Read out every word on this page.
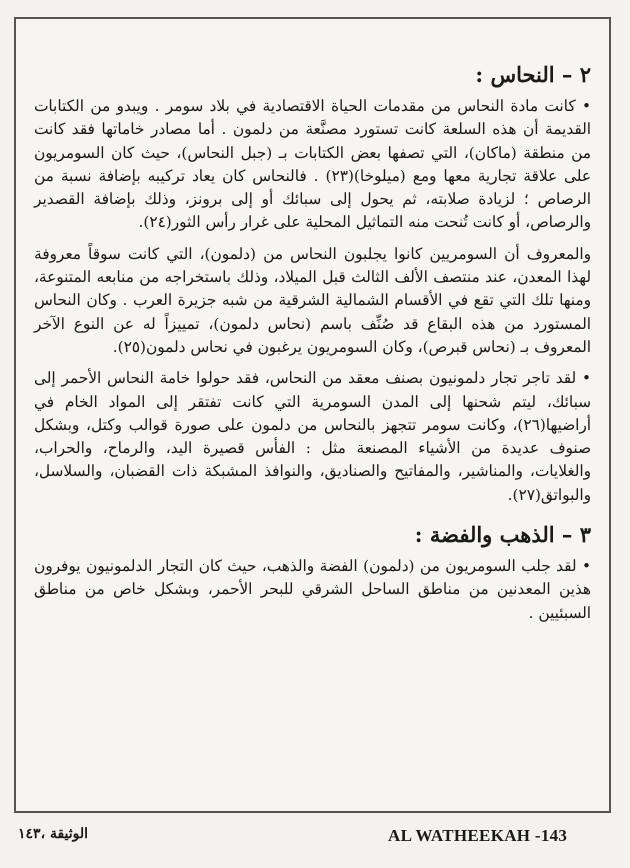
٢ – النحاس :

• كانت مادة النحاس من مقدمات الحياة الاقتصادية في بلاد سومر . ويبدو من الكتابات القديمة أن هذه السلعة كانت تستورد مصنَّعة من دلمون . أما مصادر خاماتها فقد كانت من منطقة (ماكان)، التي تصفها بعض الكتابات بـ (جبل النحاس)، حيث كان السومريون على علاقة تجارية معها ومع (ميلوخا)(٢٣) . فالنحاس كان يعاد تركيبه بإضافة نسبة من الرصاص ؛ لزيادة صلابته، ثم يحول إلى سبائك أو إلى برونز، وذلك بإضافة القصدير والرصاص، أو كانت تُنحت منه التماثيل المحلية على غرار رأس الثور(٢٤).

والمعروف أن السومريين كانوا يجلبون النحاس من (دلمون)، التي كانت سوقاً معروفة لهذا المعدن، عند منتصف الألف الثالث قبل الميلاد، وذلك باستخراجه من منابعه المتنوعة، ومنها تلك التي تقع في الأقسام الشمالية الشرقية من شبه جزيرة العرب . وكان النحاس المستورد من هذه البقاع قد صُنِّف باسم (نحاس دلمون)، تمييزاً له عن النوع الآخر المعروف بـ (نحاس قبرص)، وكان السومريون يرغبون في نحاس دلمون(٢٥).

• لقد تاجر تجار دلمونيون بصنف معقد من النحاس، فقد حولوا خامة النحاس الأحمر إلى سبائك، ليتم شحنها إلى المدن السومرية التي كانت تفتقر إلى المواد الخام في أراضيها(٢٦)، وكانت سومر تتجهز بالنحاس من دلمون على صورة قوالب وكتل، وبشكل صنوف عديدة من الأشياء المصنعة مثل : الفأس قصيرة اليد، والرماح، والحراب، والغلايات، والمناشير، والمفاتيح والصناديق، والنوافذ المشبكة ذات القضبان، والسلاسل، والبواتق(٢٧).

٣ – الذهب والفضة :

• لقد جلب السومريون من (دلمون) الفضة والذهب، حيث كان التجار الدلمونيون يوفرون هذين المعدنين من مناطق الساحل الشرقي للبحر الأحمر، وبشكل خاص من مناطق السبئيين .

الوثيقة ،١٤٣	AL WATHEEKAH -143
